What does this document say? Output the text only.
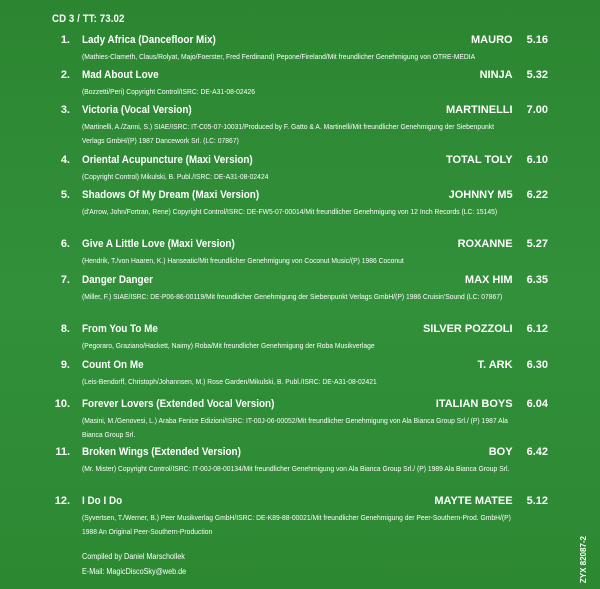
CD 3 / TT: 73.02
1. Lady Africa (Dancefloor Mix)	MAURO 5.16
(Mathies-Clameth, Claus/Rolyat, Majo/Foerster, Fred Ferdinand) Pepone/Fireland/Mit freundlicher Genehmigung von OTRE-MEDIA
2. Mad About Love	NINJA 5.32
(Bozzetti/Peri) Copyright Control/ISRC: DE-A31-08-02426
3. Victoria (Vocal Version)	MARTINELLI 7.00
(Martinelli, A./Zanni, S.) SIAE/ISRC: IT-C05-07-10031/Produced by F. Gatto & A. Martinelli/Mit freundlicher Genehmigung der Siebenpunkt Verlags GmbH/(P) 1987 Dancework Srl. (LC: 07867)
4. Oriental Acupuncture (Maxi Version)	TOTAL TOLY 6.10
(Copyright Control) Mikulski, B. Publ./ISRC: DE-A31-08-02424
5. Shadows Of My Dream (Maxi Version)	JOHNNY M5 6.22
(d'Arrow, John/Fortran, Rene) Copyright Control/ISRC: DE-FW5-07-00014/Mit freundlicher Genehmigung von 12 Inch Records (LC: 15145)
6. Give A Little Love (Maxi Version)	ROXANNE 5.27
(Hendrik, T./von Haaren, K.) Hanseatic/Mit freundlicher Genehmigung von Coconut Music/(P) 1986 Coconut
7. Danger Danger	MAX HIM 6.35
(Miller, F.) SIAE/ISRC: DE-P06-86-00119/Mit freundlicher Genehmigung der Siebenpunkt Verlags GmbH/(P) 1986 Cruisin'Sound (LC: 07867)
8. From You To Me	SILVER POZZOLI 6.12
(Pegoraro, Graziano/Hackett, Naimy) Roba/Mit freundlicher Genehmigung der Roba Musikverlage
9. Count On Me	T. ARK 6.30
(Leis-Bendorff, Christoph/Johannsen, M.) Rose Garden/Mikulski, B. Publ./ISRC: DE-A31-08-02421
10. Forever Lovers (Extended Vocal Version)	ITALIAN BOYS 6.04
(Masini, M./Genovesi, L.) Araba Fenice Edizioni/ISRC: IT-00J-06-00052/Mit freundlicher Genehmigung von Ala Bianca Group Srl./ (P) 1987 Ala Bianca Group Srl.
11. Broken Wings (Extended Version)	BOY 6.42
(Mr. Mister) Copyright Control/ISRC: IT-00J-08-00134/Mit freundlicher Genehmigung von Ala Bianca Group Srl./ (P) 1989 Ala Bianca Group Srl.
12. I Do I Do	MAYTE MATEE 5.12
(Syvertsen, T./Werner, B.) Peer Musikverlag GmbH/ISRC: DE-K89-88-00021/Mit freundlicher Genehmigung der Peer-Southern-Prod. GmbH/(P) 1988 An Original Peer-Southern-Production
Compiled by Daniel Marschollek
E-Mail: MagicDiscoSky@web.de	ZYX 82087-2
